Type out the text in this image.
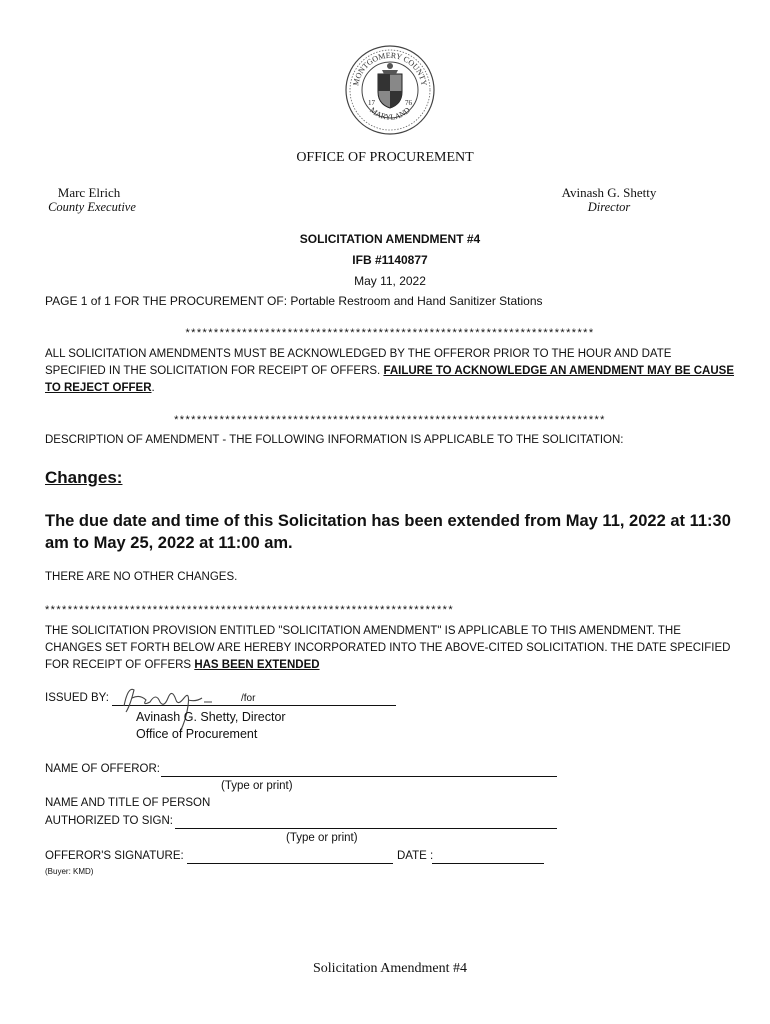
MONTGOMERY COUNTY
MARYLAND
17	76
OFFICE OF PROCUREMENT
Marc Elrich
County Executive
Avinash G. Shetty
Director
SOLICITATION AMENDMENT #4
IFB #1140877
May 11, 2022
PAGE 1 of 1 FOR THE PROCUREMENT OF: Portable Restroom and Hand Sanitizer Stations
************************************************************************
ALL SOLICITATION AMENDMENTS MUST BE ACKNOWLEDGED BY THE OFFEROR PRIOR TO THE HOUR AND DATE SPECIFIED IN THE SOLICITATION FOR RECEIPT OF OFFERS. FAILURE TO ACKNOWLEDGE AN AMENDMENT MAY BE CAUSE TO REJECT OFFER.
****************************************************************************
DESCRIPTION OF AMENDMENT - THE FOLLOWING INFORMATION IS APPLICABLE TO THE SOLICITATION:
Changes:
The due date and time of this Solicitation has been extended from May 11, 2022 at 11:30 am to May 25, 2022 at 11:00 am.
THERE ARE NO OTHER CHANGES.
************************************************************************
THE SOLICITATION PROVISION ENTITLED "SOLICITATION AMENDMENT" IS APPLICABLE TO THIS AMENDMENT. THE CHANGES SET FORTH BELOW ARE HEREBY INCORPORATED INTO THE ABOVE-CITED SOLICITATION. THE DATE SPECIFIED FOR RECEIPT OF OFFERS HAS BEEN EXTENDED
ISSUED BY:	/for
Avinash G. Shetty, Director
Office of Procurement
NAME OF OFFEROR:
(Type or print)
NAME AND TITLE OF PERSON
AUTHORIZED TO SIGN:
(Type or print)
OFFEROR'S SIGNATURE:	DATE :
(Buyer: KMD)
Solicitation Amendment #4
